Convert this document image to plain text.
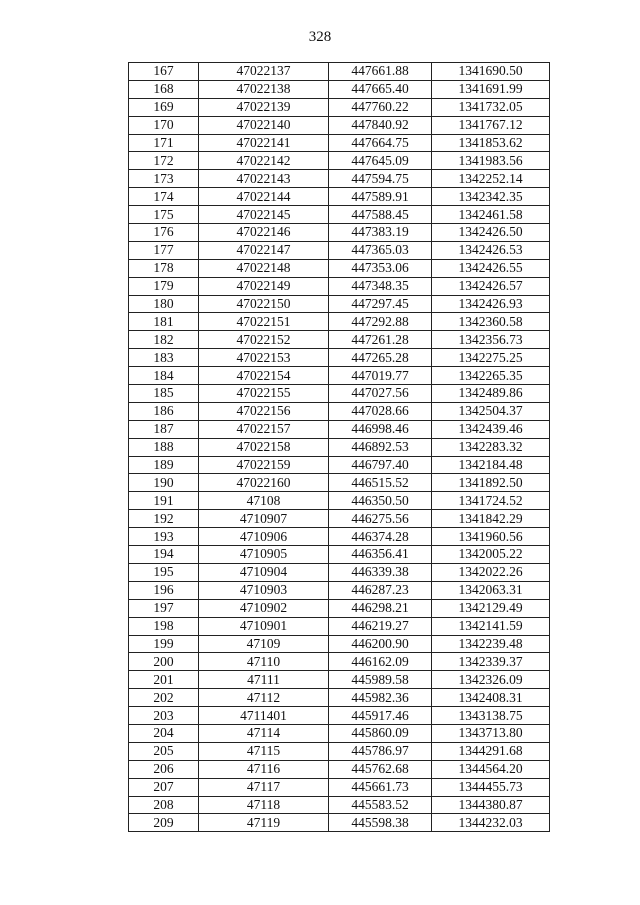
328
167	47022137	447661.88	1341690.50
168	47022138	447665.40	1341691.99
169	47022139	447760.22	1341732.05
170	47022140	447840.92	1341767.12
171	47022141	447664.75	1341853.62
172	47022142	447645.09	1341983.56
173	47022143	447594.75	1342252.14
174	47022144	447589.91	1342342.35
175	47022145	447588.45	1342461.58
176	47022146	447383.19	1342426.50
177	47022147	447365.03	1342426.53
178	47022148	447353.06	1342426.55
179	47022149	447348.35	1342426.57
180	47022150	447297.45	1342426.93
181	47022151	447292.88	1342360.58
182	47022152	447261.28	1342356.73
183	47022153	447265.28	1342275.25
184	47022154	447019.77	1342265.35
185	47022155	447027.56	1342489.86
186	47022156	447028.66	1342504.37
187	47022157	446998.46	1342439.46
188	47022158	446892.53	1342283.32
189	47022159	446797.40	1342184.48
190	47022160	446515.52	1341892.50
191	47108	446350.50	1341724.52
192	4710907	446275.56	1341842.29
193	4710906	446374.28	1341960.56
194	4710905	446356.41	1342005.22
195	4710904	446339.38	1342022.26
196	4710903	446287.23	1342063.31
197	4710902	446298.21	1342129.49
198	4710901	446219.27	1342141.59
199	47109	446200.90	1342239.48
200	47110	446162.09	1342339.37
201	47111	445989.58	1342326.09
202	47112	445982.36	1342408.31
203	4711401	445917.46	1343138.75
204	47114	445860.09	1343713.80
205	47115	445786.97	1344291.68
206	47116	445762.68	1344564.20
207	47117	445661.73	1344455.73
208	47118	445583.52	1344380.87
209	47119	445598.38	1344232.03
